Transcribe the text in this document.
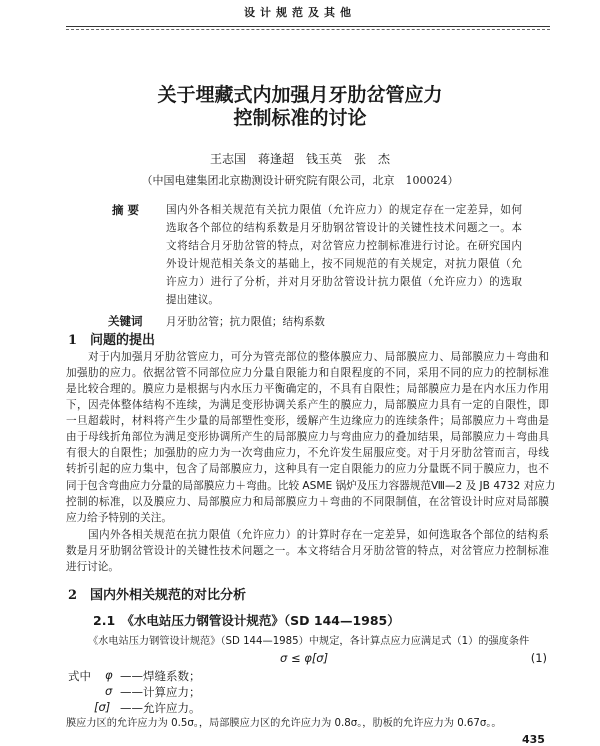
设计规范及其他
关于埋藏式内加强月牙肋岔管应力
控制标准的讨论
王志国　蒋逢超　钱玉英　张　杰
（中国电建集团北京勘测设计研究院有限公司，北京　100024）
摘要 国内外各相关规范有关抗力限值（允许应力）的规定存在一定差异，如何
选取各个部位的结构系数是月牙肋钢岔管设计的关键性技术问题之一。本
文将结合月牙肋岔管的特点，对岔管应力控制标准进行讨论。在研究国内
外设计规范相关条文的基础上，按不同规范的有关规定，对抗力限值（允
许应力）进行了分析，并对月牙肋岔管设计抗力限值（允许应力）的选取
提出建议。
关键词 月牙肋岔管；抗力限值；结构系数
1 问题的提出
对于内加强月牙肋岔管应力，可分为管壳部位的整体膜应力、局部膜应力、局部膜应力＋弯曲和
加强肋的应力。依据岔管不同部位应力分量自限能力和自限程度的不同，采用不同的应力的控制标准
是比较合理的。膜应力是根据与内水压力平衡确定的，不具有自限性；局部膜应力是在内水压力作用
下，因壳体整体结构不连续，为满足变形协调关系产生的膜应力，局部膜应力具有一定的自限性，即
一旦超载时，材料将产生少量的局部塑性变形，缓解产生边缘应力的连续条件；局部膜应力＋弯曲是
由于母线折角部位为满足变形协调所产生的局部膜应力与弯曲应力的叠加结果，局部膜应力＋弯曲具
有很大的自限性；加强肋的应力为一次弯曲应力，不允许发生屈服应变。对于月牙肋岔管而言，母线
转折引起的应力集中，包含了局部膜应力，这种具有一定自限能力的应力分量既不同于膜应力，也不
同于包含弯曲应力分量的局部膜应力＋弯曲。比较 ASME 锅炉及压力容器规范Ⅷ—2 及 JB 4732 对应力
控制的标准，以及膜应力、局部膜应力和局部膜应力＋弯曲的不同限制值，在岔管设计时应对局部膜
应力给予特别的关注。
国内外各相关规范在抗力限值（允许应力）的计算时存在一定差异，如何选取各个部位的结构系
数是月牙肋钢岔管设计的关键性技术问题之一。本文将结合月牙肋岔管的特点，对岔管应力控制标准
进行讨论。
2 国内外相关规范的对比分析
2.1　《水电站压力钢管设计规范》（SD 144—1985）
《水电站压力钢管设计规范》（SD 144—1985）中规定，各计算点应力应满足式（1）的强度条件
σ ≤ φ[σ]	(1)
式中 φ ——焊缝系数；
σ ——计算应力；
[σ] ——允许应力。
膜应力区的允许应力为 0.5σ。，局部膜应力区的允许应力为 0.8σ。，肋板的允许应力为 0.67σ。。
435
